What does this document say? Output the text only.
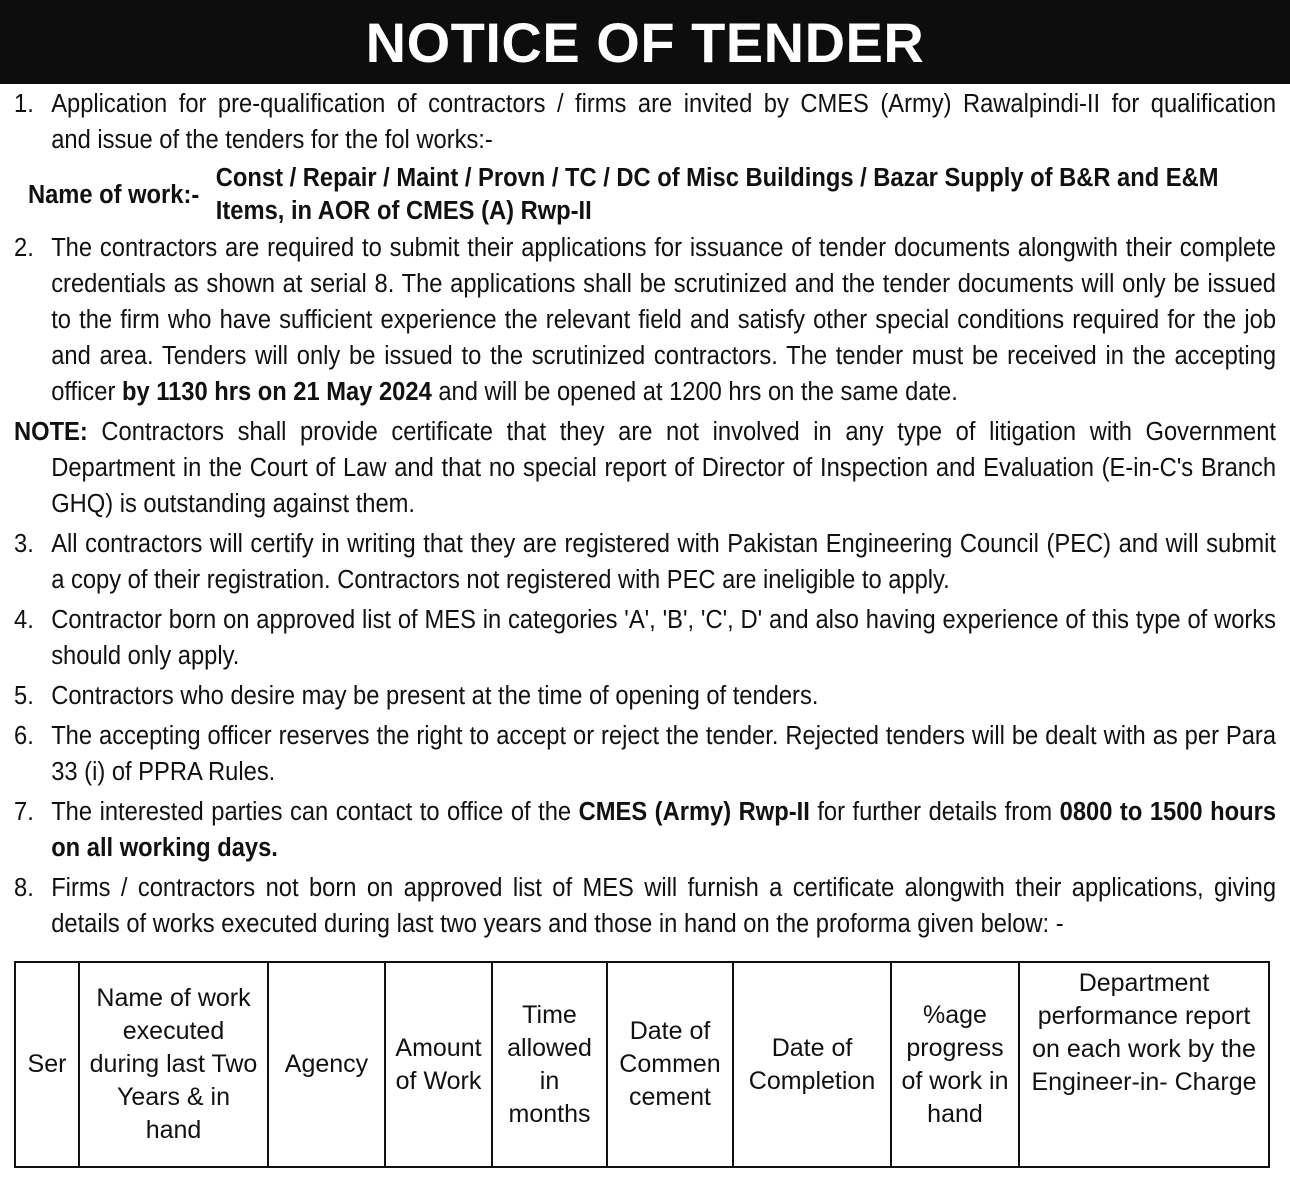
NOTICE OF TENDER
1. Application for pre-qualification of contractors / firms are invited by CMES (Army) Rawalpindi-II for qualification
and issue of the tenders for the fol works:-
Name of work:-
Const / Repair / Maint / Provn / TC / DC of Misc Buildings / Bazar Supply of B&R and E&M
Items, in AOR of CMES (A) Rwp-II
2. The contractors are required to submit their applications for issuance of tender documents alongwith their complete credentials as shown at serial 8. The applications shall be scrutinized and the tender documents will only be issued to the firm who have sufficient experience the relevant field and satisfy other special conditions required for the job and area. Tenders will only be issued to the scrutinized contractors. The tender must be received in the accepting officer by 1130 hrs on 21 May 2024 and will be opened at 1200 hrs on the same date.
NOTE: Contractors shall provide certificate that they are not involved in any type of litigation with Government
Department in the Court of Law and that no special report of Director of Inspection and Evaluation (E-in-C's Branch GHQ) is outstanding against them.
3. All contractors will certify in writing that they are registered with Pakistan Engineering Council (PEC) and will submit a copy of their registration. Contractors not registered with PEC are ineligible to apply.
4. Contractor born on approved list of MES in categories 'A', 'B', 'C', D' and also having experience of this type of works should only apply.
5. Contractors who desire may be present at the time of opening of tenders.
6. The accepting officer reserves the right to accept or reject the tender. Rejected tenders will be dealt with as per Para 33 (i) of PPRA Rules.
7. The interested parties can contact to office of the CMES (Army) Rwp-II for further details from 0800 to 1500 hours on all working days.
8. Firms / contractors not born on approved list of MES will furnish a certificate alongwith their applications, giving details of works executed during last two years and those in hand on the proforma given below: -
Ser
Name of work
executed
during last Two
Years & in hand
Agency
Amount
of Work
Time
allowed
in
months
Date of
Commen
cement
Date of
Completion
%age
progress
of work in
hand
Department
performance report
on each work by the
Engineer-in- Charge
